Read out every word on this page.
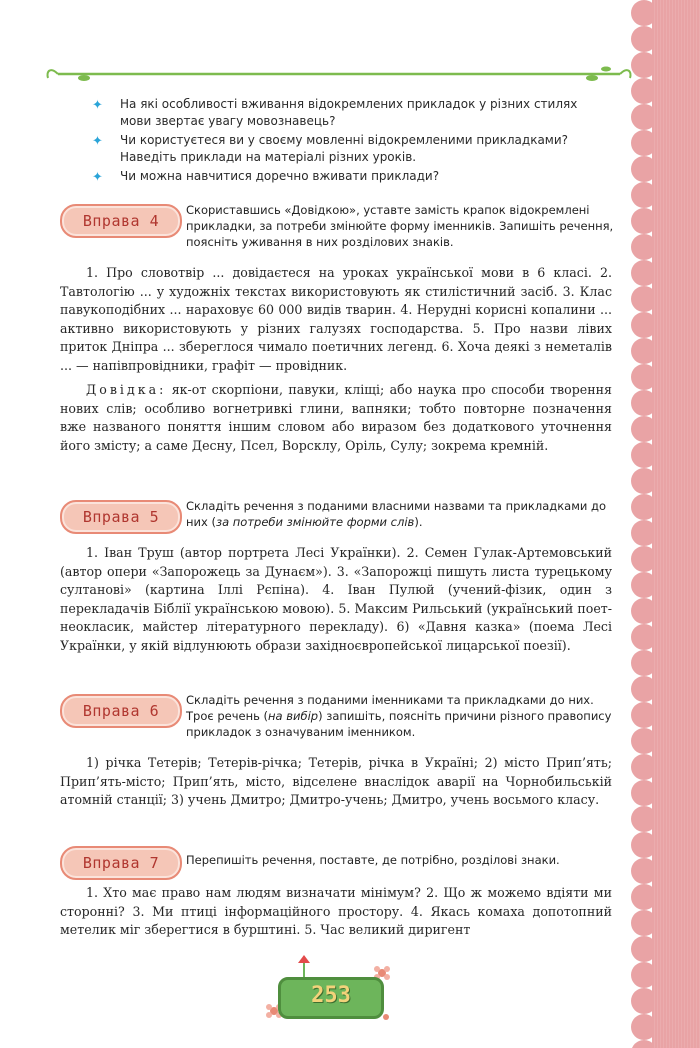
✦ На які особливості вживання відокремлених прикладок у різних стилях мови звертає увагу мовознавець?
✦ Чи користуєтеся ви у своєму мовленні відокремленими прикладками? Наведіть приклади на матеріалі різних уроків.
✦ Чи можна навчитися доречно вживати приклади?
Вправа 4
Скориставшись «Довідкою», уставте замість крапок відокремлені прикладки, за потреби змінюйте форму іменників. Запишіть речення, поясніть уживання в них розділових знаків.

1. Про словотвір ... довідаєтеся на уроках української мови в 6 класі. 2. Тавтологію ... у художніх текстах використовують як стилістичний засіб. 3. Клас павукоподібних ... нараховує 60 000 видів тварин. 4. Нерудні корисні копалини ... активно використовують у різних галузях господарства. 5. Про назви лівих приток Дніпра ... збереглося чимало поетичних легенд. 6. Хоча деякі з неметалів ... — напівпровідники, графіт — провідник.

Довідка: як-от скорпіони, павуки, кліщі; або наука про способи творення нових слів; особливо вогнетривкі глини, вапняки; тобто повторне позначення вже названого поняття іншим словом або виразом без додаткового уточнення його змісту; а саме Десну, Псел, Ворсклу, Оріль, Сулу; зокрема кремній.

Вправа 5
Складіть речення з поданими власними назвами та прикладками до них (за потреби змінюйте форми слів).

1. Іван Труш (автор портрета Лесі Українки). 2. Семен Гулак-Артемовський (автор опери «Запорожець за Дунаєм»). 3. «Запорожці пишуть листа турецькому султанові» (картина Іллі Рєпіна). 4. Іван Пулюй (учений-фізик, один з перекладачів Біблії українською мовою). 5. Максим Рильський (український поет-неокласик, майстер літературного перекладу). 6) «Давня казка» (поема Лесі Українки, у якій відлунюють образи західноєвропейської лицарської поезії).

Вправа 6
Складіть речення з поданими іменниками та прикладками до них. Троє речень (на вибір) запишіть, поясніть причини різного правопису прикладок з означуваним іменником.

1) річка Тетерів; Тетерів-річка; Тетерів, річка в Україні; 2) місто Прип’ять; Прип’ять-місто; Прип’ять, місто, відселене внаслідок аварії на Чорнобильській атомній станції; 3) учень Дмитро; Дмитро-учень; Дмитро, учень восьмого класу.

Вправа 7	Перепишіть речення, поставте, де потрібно, розділові знаки.

1. Хто має право нам людям визначати мінімум? 2. Що ж можемо вдіяти ми сторонні? 3. Ми птиці інформаційного простору. 4. Якась комаха допотопний метелик міг зберегтися в бурштині. 5. Час великий диригент

253
